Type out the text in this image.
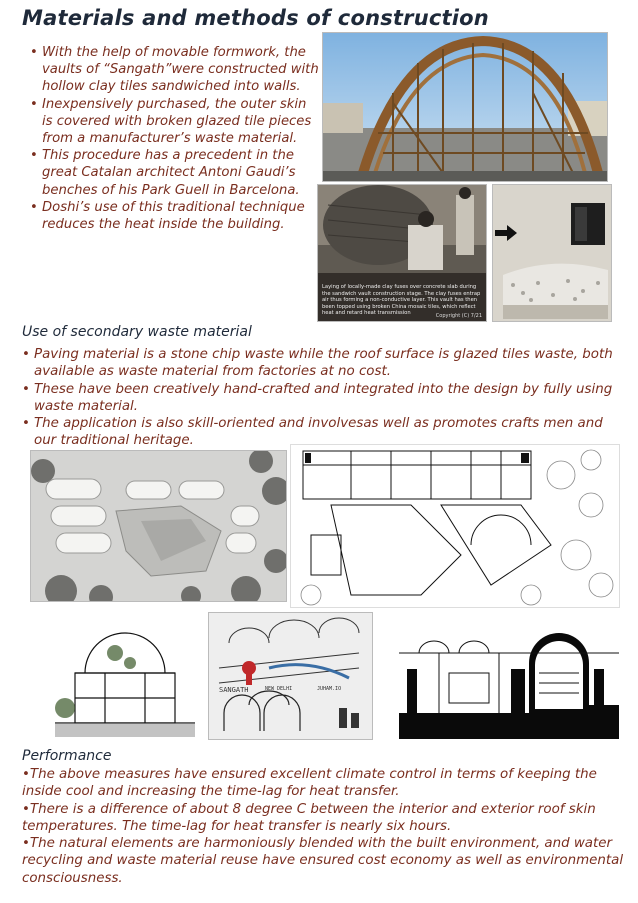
Materials and methods of construction
• With the help of movable formwork, the vaults of “Sangath”were constructed with hollow clay tiles sandwiched into walls.
• Inexpensively purchased, the outer skin is covered with broken glazed tile pieces from a manufacturer’s waste material.
• This procedure has a precedent in the great Catalan architect Antoni Gaudi’s benches of his Park Guell in Barcelona.
• Doshi’s use of this traditional technique reduces the heat inside the building.
Laying of locally-made clay fuses over concrete slab during the sandwich vault construction stage. The clay fuses entrap air thus forming a non-conductive layer. This vault has then been topped using broken China mosaic tiles, which reflect heat and retard heat transmission	Copyright (C) 7/21
Use of secondary waste material
• Paving material is a stone chip waste while the roof surface is glazed tiles waste, both available as waste material from factories at no cost.
• These have been creatively hand-crafted and integrated into the design by fully using waste material.
• The application is also skill-oriented and involvesas well as promotes crafts men and our traditional heritage.
SANGATH	NEW DELHI	JUHAM.IO
Performance

•The above measures have ensured excellent climate control in terms of keeping the inside cool and increasing the time-lag for heat transfer.

•There is a difference of about 8 degree C between the interior and exterior roof skin temperatures. The time-lag for heat transfer is nearly six hours.

•The natural elements are harmoniously blended with the built environment, and water recycling and waste material reuse have ensured cost economy as well as environmental consciousness.
